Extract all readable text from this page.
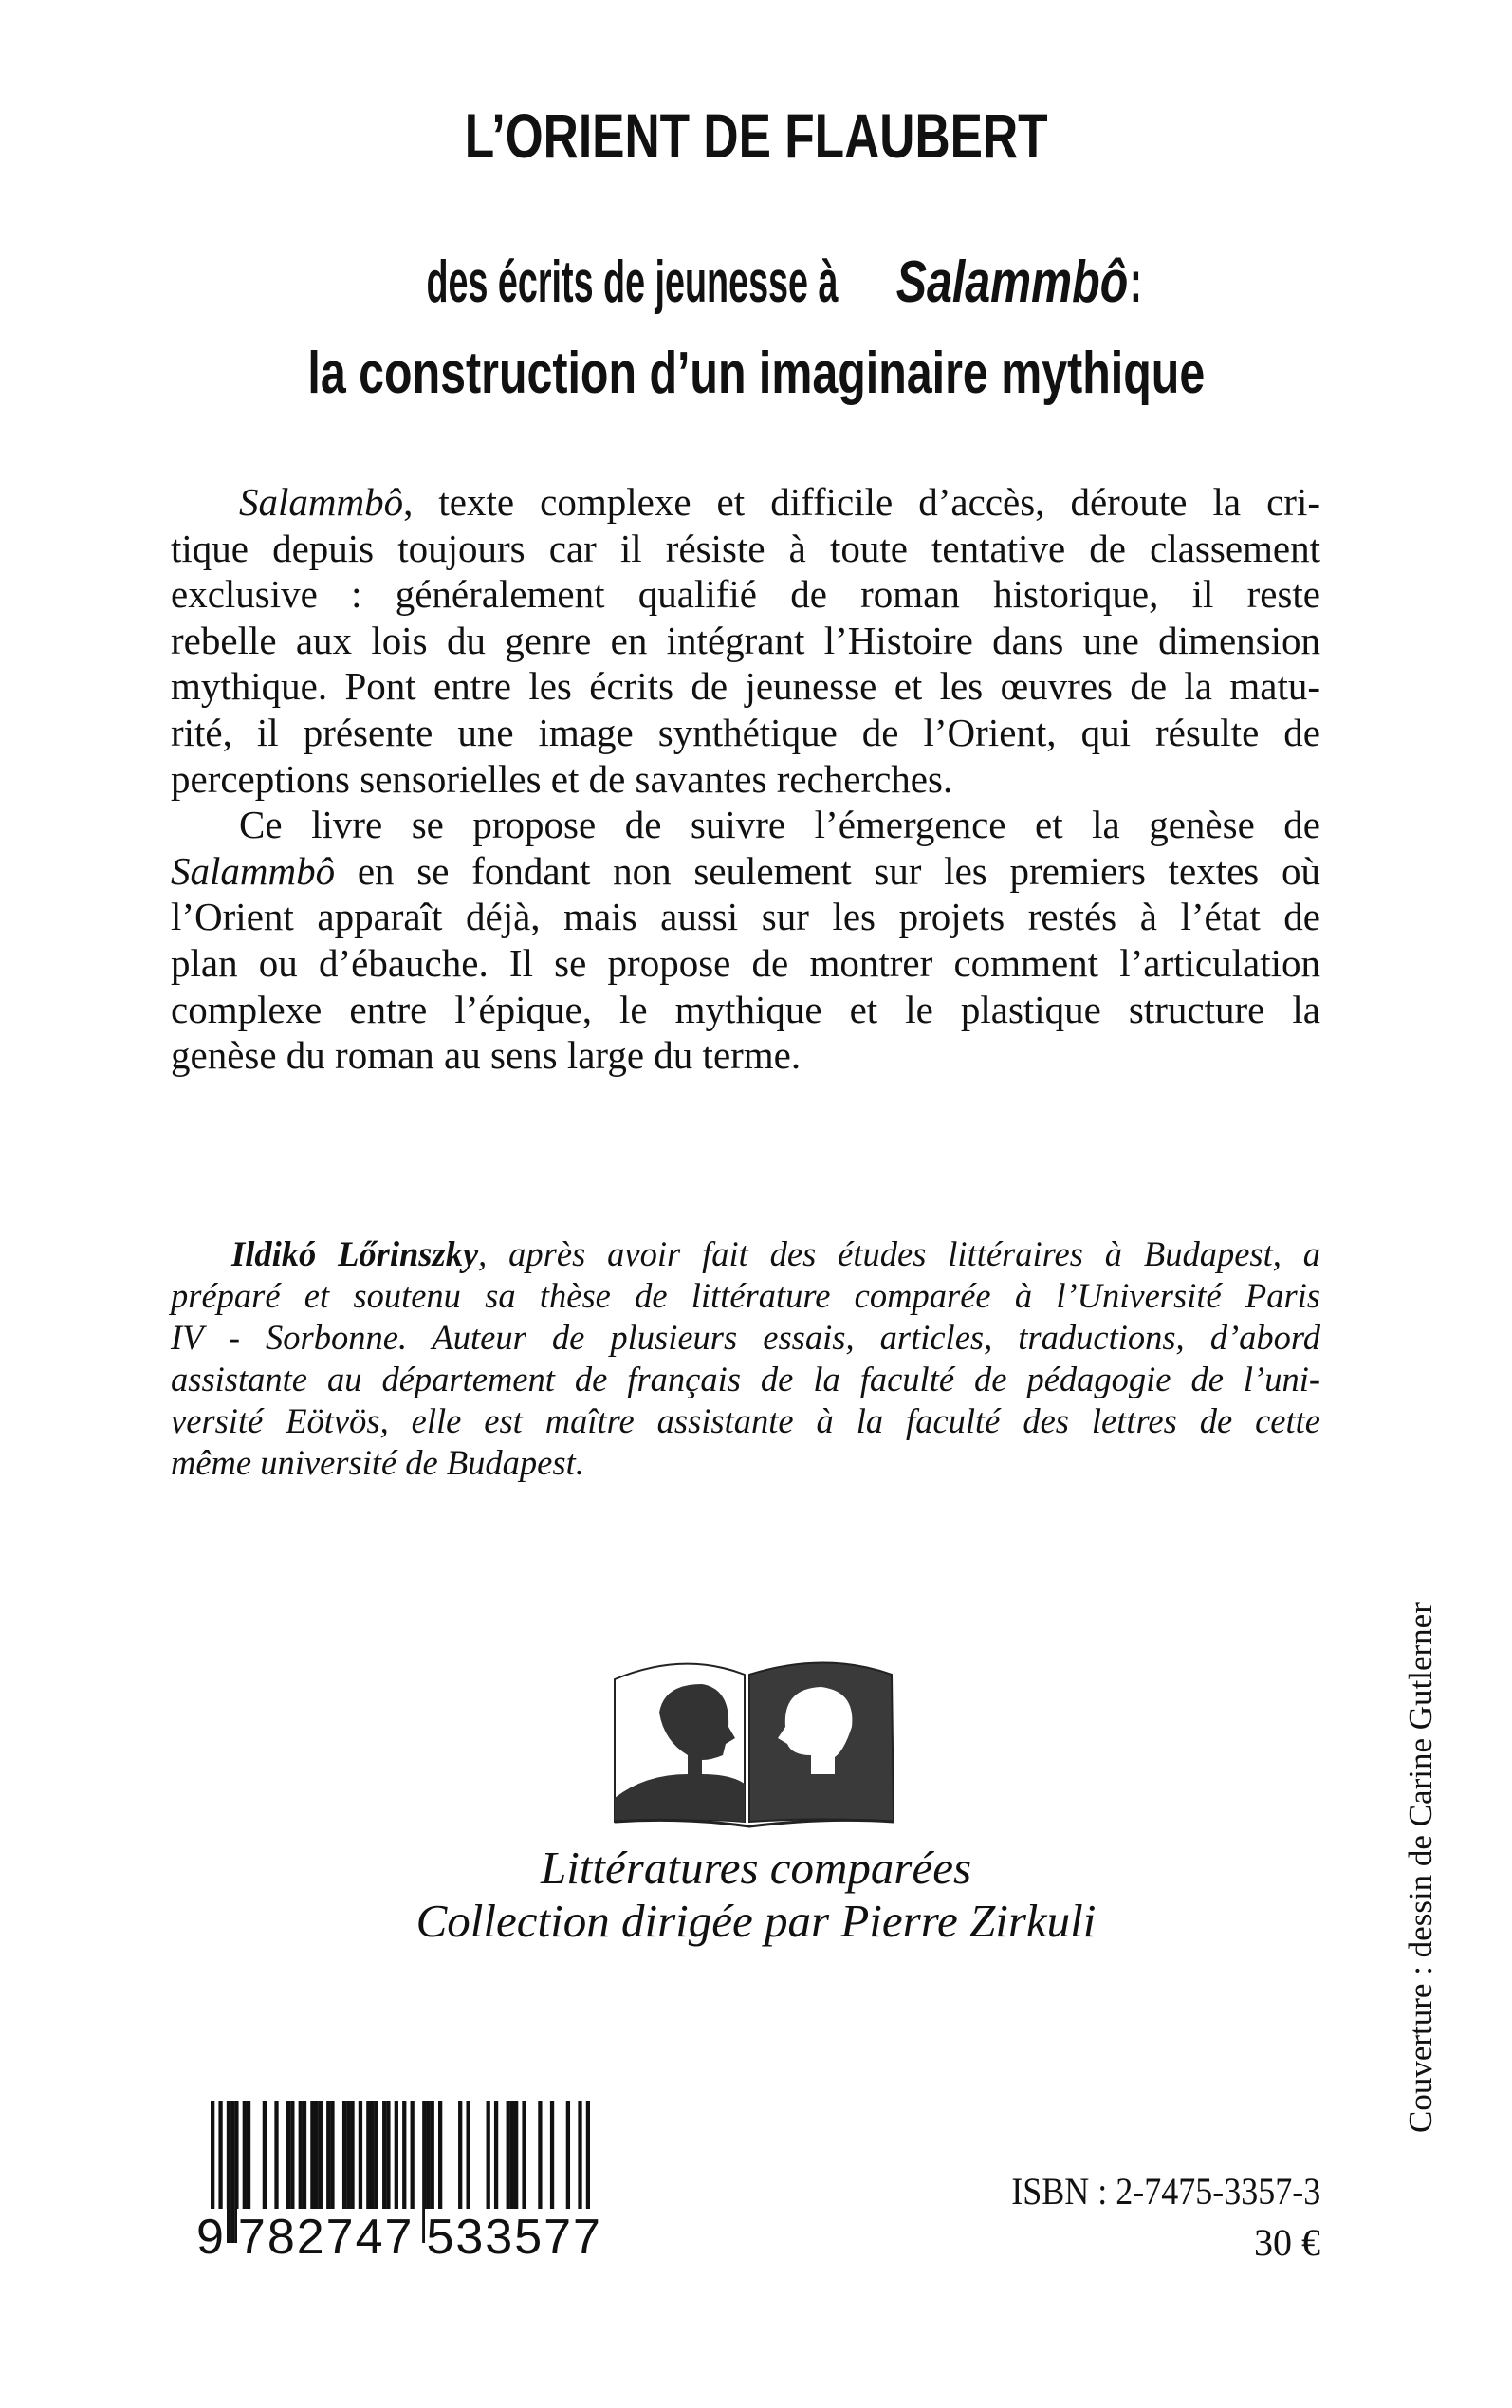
L’ORIENT DE FLAUBERT
des écrits de jeunesse àSalammbô:
la construction d’un imaginaire mythique
Salammbô, texte complexe et difficile d’accès, déroute la cri-
tique depuis toujours car il résiste à toute tentative de classement
exclusive : généralement qualifié de roman historique, il reste
rebelle aux lois du genre en intégrant l’Histoire dans une dimension
mythique. Pont entre les écrits de jeunesse et les œuvres de la matu-
rité, il présente une image synthétique de l’Orient, qui résulte de
perceptions sensorielles et de savantes recherches.
Ce livre se propose de suivre l’émergence et la genèse de
Salammbô en se fondant non seulement sur les premiers textes où
l’Orient apparaît déjà, mais aussi sur les projets restés à l’état de
plan ou d’ébauche. Il se propose de montrer comment l’articulation
complexe entre l’épique, le mythique et le plastique structure la
genèse du roman au sens large du terme.
Ildikó Lőrinszky, après avoir fait des études littéraires à Budapest, a
préparé et soutenu sa thèse de littérature comparée à l’Université Paris
IV - Sorbonne. Auteur de plusieurs essais, articles, traductions, d’abord
assistante au département de français de la faculté de pédagogie de l’uni-
versité Eötvös, elle est maître assistante à la faculté des lettres de cette
même université de Budapest.
Littératures comparées
Collection dirigée par Pierre Zirkuli	Couverture : dessin de Carine Gutlerner
9 782747 533577
ISBN : 2-7475-3357-3
30 €
